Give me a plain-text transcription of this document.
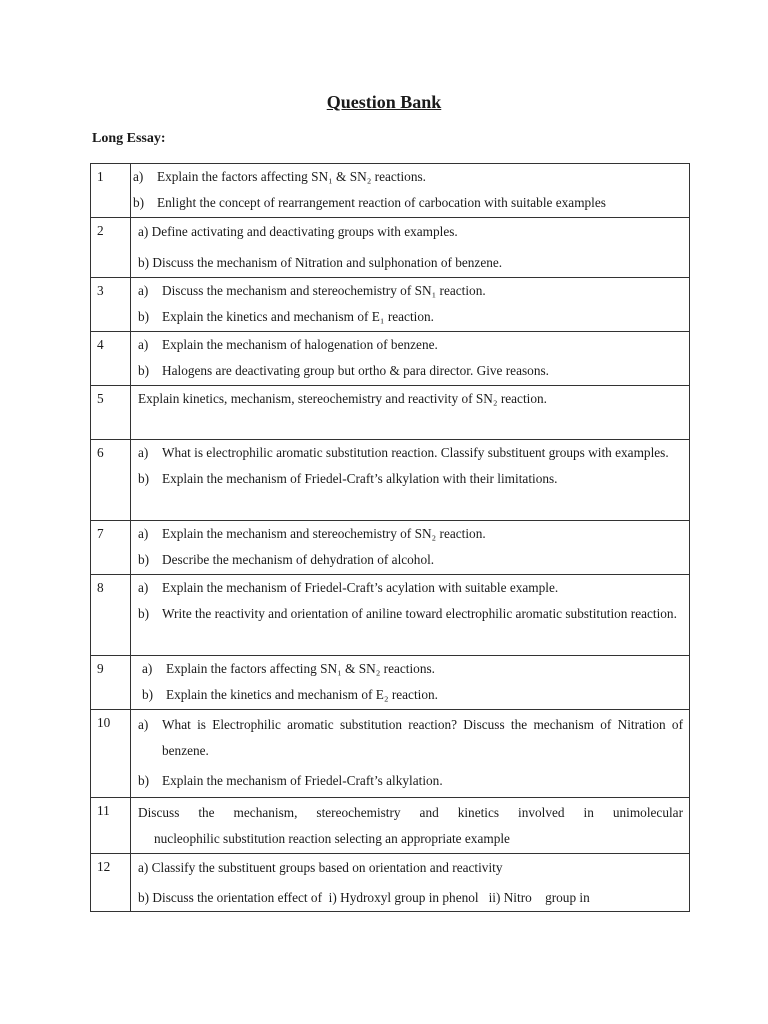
Question Bank
Long Essay:
1	a) Explain the factors affecting SN₁ & SN₂ reactions.
b) Enlight the concept of rearrangement reaction of carbocation with suitable examples

2	a) Define activating and deactivating groups with examples.
b) Discuss the mechanism of Nitration and sulphonation of benzene.

3	a) Discuss the mechanism and stereochemistry of SN₁ reaction.
b) Explain the kinetics and mechanism of E₁ reaction.

4	a) Explain the mechanism of halogenation of benzene.
b) Halogens are deactivating group but ortho & para director. Give reasons.

5	Explain kinetics, mechanism, stereochemistry and reactivity of SN₂ reaction.

6	a) What is electrophilic aromatic substitution reaction. Classify substituent groups with examples.
b) Explain the mechanism of Friedel-Craft’s alkylation with their limitations.

7	a) Explain the mechanism and stereochemistry of SN₂ reaction.
b) Describe the mechanism of dehydration of alcohol.

8	a) Explain the mechanism of Friedel-Craft’s acylation with suitable example.
b) Write the reactivity and orientation of aniline toward electrophilic aromatic substitution reaction.

9	a) Explain the factors affecting SN₁ & SN₂ reactions.
b) Explain the kinetics and mechanism of E₂ reaction.

10	a) What is Electrophilic aromatic substitution reaction? Discuss the mechanism of Nitration of benzene.
b) Explain the mechanism of Friedel-Craft’s alkylation.

11	Discuss the mechanism, stereochemistry and kinetics involved in unimolecular
nucleophilic substitution reaction selecting an appropriate example

12	a) Classify the substituent groups based on orientation and reactivity
b) Discuss the orientation effect of  i) Hydroxyl group in phenol   ii) Nitro    group in
